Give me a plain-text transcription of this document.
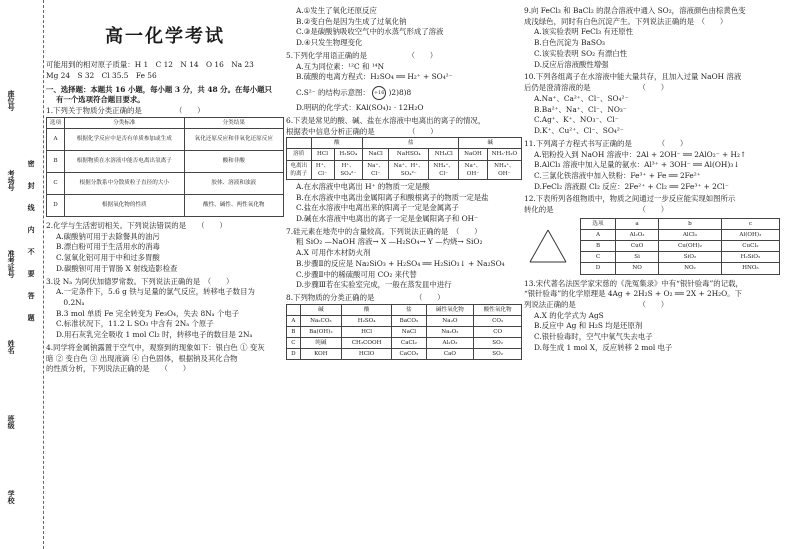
座位号
考场号
准考证号
姓名
班级
学校
密
封
线
内
不
要
答
题
高一化学考试
可能用到的相对原子质量：H 1　C 12　N 14　O 16　Na 23
Mg 24　S 32　Cl 35.5　Fe 56
一、选择题：本题共 16 小题，每小题 3 分，共 48 分。在每小题只
有一个选项符合题目要求。
1.下列关于物质分类正确的是　　　　　（　　）
选项	分类标准	分类结果
A	根据化学反应中是否有单质参加或生成	氧化还原反应和非氧化还原反应
B	根据物质在水溶液中能否电离出氢离子	酸和非酸
C	根据分散系中分散质粒子直径的大小	胶体、溶液和浊液
D	根据氧化物的性质	酸性、碱性、两性氧化物
2.化学与生活密切相关。下列说法错误的是　　（　　）
A.碳酸钠可用于去除餐具的油污
B.漂白粉可用于生活用水的消毒
C.氢氧化铝可用于中和过多胃酸
D.碳酸钡可用于胃肠 X 射线造影检查
3.设 Nₐ 为阿伏加德罗常数。下列说法正确的是　（　　）
A.一定条件下，5.6 g 铁与足量的氯气反应，转移电子数目为
　0.2Nₐ
B.3 mol 单质 Fe 完全转变为 Fe₃O₄，失去 8Nₐ 个电子
C.标准状况下，11.2 L SO₃ 中含有 2Nₐ 个原子
D.用石灰乳完全吸收 1 mol Cl₂ 时，转移电子的数目是 2Nₐ
4.同学将金属钠露置于空气中，观察到的现象如下：银白色 ① 变灰
暗 ② 变白色 ③ 出现液滴 ④ 白色固体，根据钠及其化合物
的性质分析，下列说法正确的是　　（　　）
A.①发生了氧化还原反应
B.②变白色是因为生成了过氧化钠
C.③是碳酸钠吸收空气中的水蒸气形成了溶液
D.④只发生物理变化
5.下列化学用语正确的是　　　　　　（　　）
A.互为同位素：¹²C 和 ¹⁴N
B.硫酸的电离方程式：H₂SO₄ ══ H₂⁺ + SO₄²⁻
C.S²⁻ 的结构示意图： +16 )2)8)8
D.明矾的化学式：KAl(SO₄)₂ · 12H₂O
6.下表是常见的酸、碱、盐在水溶液中电离出的离子的情况，
根据表中信息分析正确的是　　　　　（　　）
	酸		盐			碱	
溶质	HCl	H₂SO₄	NaCl	NaHSO₄	NH₄Cl	NaOH	NH₃·H₂O
电离出的离子	H⁺、Cl⁻	H⁺、SO₄²⁻	Na⁺、Cl⁻	Na⁺、H⁺、SO₄²⁻	NH₄⁺、Cl⁻	Na⁺、OH⁻	NH₄⁺、OH⁻
A.在水溶液中电离出 H⁺ 的物质一定是酸
B.在水溶液中电离出金属阳离子和酸根离子的物质一定是盐
C.盐在水溶液中电离出来的阳离子一定是金属离子
D.碱在水溶液中电离出的离子一定是金属阳离子和 OH⁻
7.硅元素在地壳中的含量较高。下列说法正确的是　（　　）
粗 SiO₂ —NaOH 溶液→ X —H₂SO₄→ Y —灼烧→ SiO₂
A.X 可用作木材防火剂
B.步骤Ⅱ的反应是 Na₂SiO₃ + H₂SO₄ ══ H₂SiO₃↓ + Na₂SO₄
C.步骤Ⅱ中的稀硫酸可用 CO₂ 来代替
D.步骤Ⅲ若在实验室完成，一般在蒸发皿中进行
8.下列物质的分类正确的是　　　　　　（　　）
	碱	酸	盐	碱性氧化物	酸性氧化物
A	Na₂CO₃	H₂SO₄	BaCO₃	Na₂O	CO₂
B	Ba(OH)₂	HCl	NaCl	Na₂O₂	CO
C	纯碱	CH₃COOH	CaCl₂	Al₂O₃	SO₂
D	KOH	HClO	CaCO₃	CaO	SO₂
9.向 FeCl₃ 和 BaCl₂ 的混合溶液中通入 SO₂，溶液颜色由棕黄色变
成浅绿色，同时有白色沉淀产生。下列说法正确的是　（　　）
A.该实验表明 FeCl₃ 有还原性
B.白色沉淀为 BaSO₃
C.该实验表明 SO₂ 有漂白性
D.反应后溶液酸性增强
10.下列各组离子在水溶液中能大量共存，且加入过量 NaOH 溶液
后仍是澄清溶液的是　　　　　　　（　　）
A.Na⁺、Ca²⁺、Cl⁻、SO₄²⁻
B.Ba²⁺、Na⁺、Cl⁻、NO₃⁻
C.Ag⁺、K⁺、NO₃⁻、Cl⁻
D.K⁺、Cu²⁺、Cl⁻、SO₄²⁻
11.下列离子方程式书写正确的是　　　　（　　）
A.铝粉投入到 NaOH 溶液中：2Al + 2OH⁻ ══ 2AlO₂⁻ + H₂↑
B.AlCl₃ 溶液中加入足量的氨水：Al³⁺ + 3OH⁻ ══ Al(OH)₃↓
C.三氯化铁溶液中加入铁粉：Fe³⁺ + Fe ══ 2Fe²⁺
D.FeCl₂ 溶液跟 Cl₂ 反应：2Fe²⁺ + Cl₂ ══ 2Fe³⁺ + 2Cl⁻
12.下表所列各组物质中，物质之间通过一步反应能实现如图所示
转化的是　　　　　　　　　　　　（　　）
选项	a	b	c
A	Al₂O₃	AlCl₃	Al(OH)₃
B	CuO	Cu(OH)₂	CuCl₂
C	Si	SiO₂	H₂SiO₃
D	NO	NO₂	HNO₃
13.宋代著名法医学家宋慈的《洗冤集录》中有“银针验毒”的记载，
“银针验毒”的化学原理是 4Ag + 2H₂S + O₂ ══ 2X + 2H₂O。下
列说法正确的是　　　　　　　　　（　　）
A.X 的化学式为 AgS
B.反应中 Ag 和 H₂S 均是还原剂
C.银针验毒时，空气中氧气失去电子
D.每生成 1 mol X，反应转移 2 mol 电子
